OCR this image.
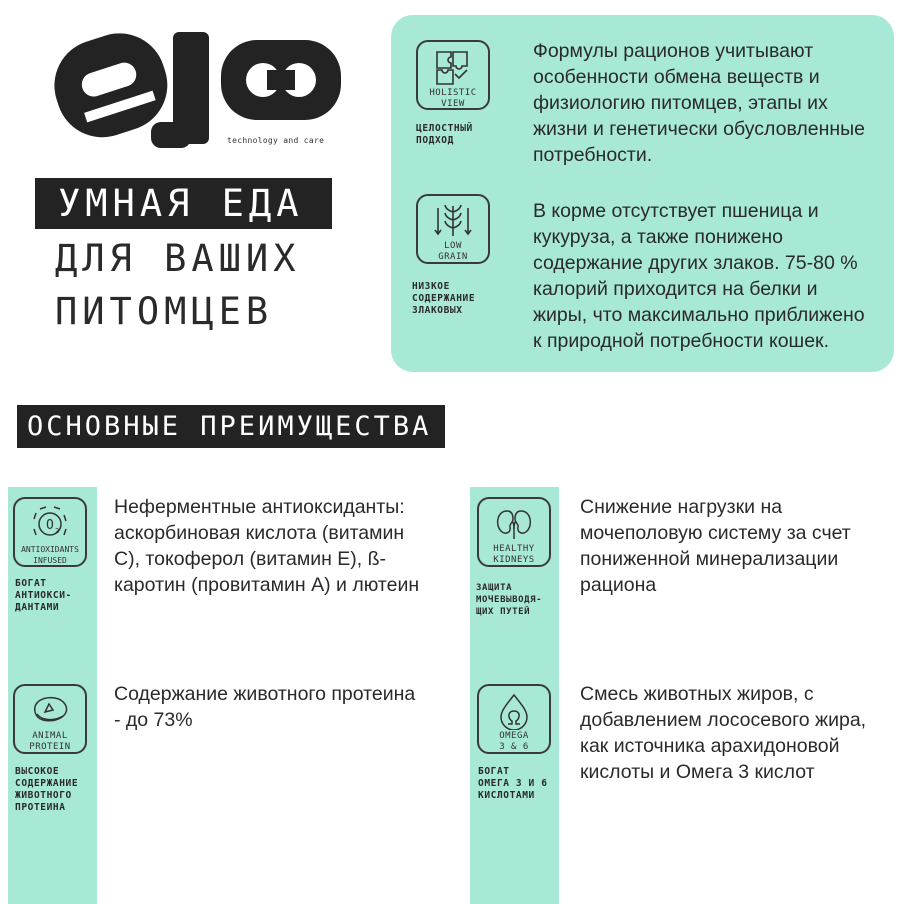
technology and care
УМНАЯ ЕДА
ДЛЯ ВАШИХ
ПИТОМЦЕВ
HOLISTIC
VIEW
ЦЕЛОСТНЫЙ
ПОДХОД
Формулы рационов учитывают особенности обмена веществ и физиологию питомцев, этапы их жизни и генетически обусловленные потребности.
LOW
GRAIN
НИЗКОЕ
СОДЕРЖАНИЕ
ЗЛАКОВЫХ
В корме отсутствует пшеница и кукуруза, а также понижено содержание других злаков. 75-80 % калорий приходится на белки и жиры, что максимально приближено к природной потребности кошек.
ОСНОВНЫЕ ПРЕИМУЩЕСТВА
O 2
ANTIOXIDANTS
INFUSED
БОГАТ
АНТИОКСИ-
ДАНТАМИ
Неферментные антиоксиданты: аскорбиновая кислота (витамин С), токоферол (витамин Е), ß-каротин (провитамин А) и лютеин
HEALTHY
KIDNEYS
ЗАЩИТА
МОЧЕВЫВОДЯ-
ЩИХ ПУТЕЙ
Снижение нагрузки на мочеполовую систему за счет пониженной минерализации рациона
ANIMAL
PROTEIN
ВЫСОКОЕ
СОДЕРЖАНИЕ
ЖИВОТНОГО
ПРОТЕИНА
Содержание животного протеина - до 73%
OMEGA
3 & 6
БОГАТ
ОМЕГА 3 И 6
КИСЛОТАМИ
Смесь животных жиров, с добавлением лососевого жира, как источника арахидоновой кислоты и Омега 3 кислот
